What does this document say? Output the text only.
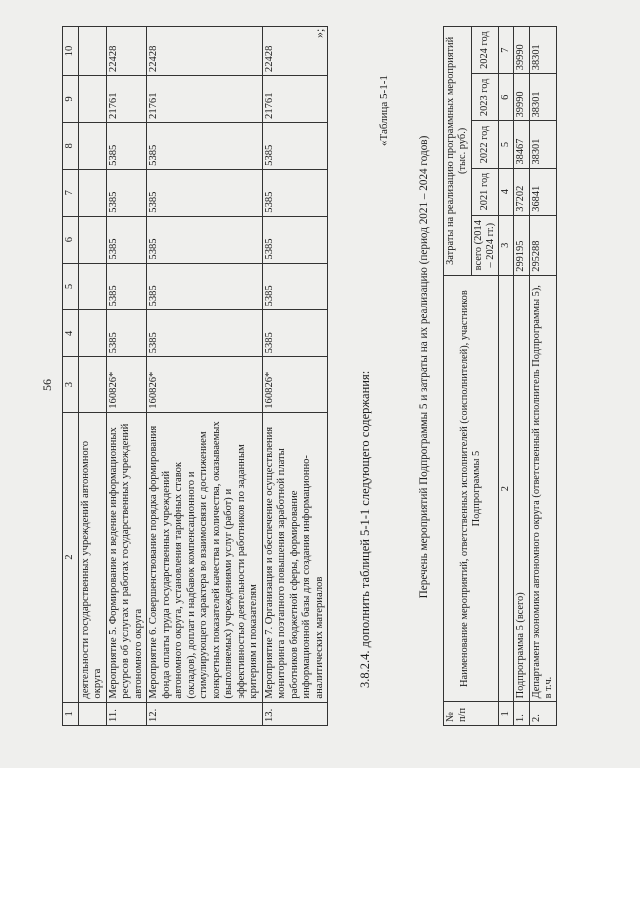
56
1	2	3	4	5	6	7	8	9	10
	деятельности государственных учреждений автономного округа								
11.	Мероприятие 5. Формирование и ведение информационных ресурсов об услугах и работах государственных учреждений автономного округа	160826*	5385	5385	5385	5385	5385	21761	22428
12.	Мероприятие 6. Совершенствование порядка формирования фонда оплаты труда государственных учреждений автономного округа, установления тарифных ставок (окладов), доплат и надбавок компенсационного и стимулирующего характера во взаимосвязи с достижением конкретных показателей качества и количества, оказываемых (выполняемых) учреждениями услуг (работ) и эффективностью деятельности работников по заданным критериям и показателям	160826*	5385	5385	5385	5385	5385	21761	22428
13.	Мероприятие 7. Организация и обеспечение осуществления мониторинга поэтапного повышения заработной платы работников бюджетной сферы, формирование информационной базы для создания информационно-аналитических материалов	160826*	5385	5385	5385	5385	5385	21761	22428
»;
3.8.2.4. дополнить таблицей 5-1-1 следующего содержания:
«Таблица 5-1-1
Перечень мероприятий Подпрограммы 5 и затраты на их реализацию (период 2021 – 2024 годов)
№ п/п	Наименование мероприятий, ответственных исполнителей (соисполнителей), участников Подпрограммы 5	Затраты на реализацию программных мероприятий (тыс. руб.)				
		всего (2014 – 2024 гг.)	2021 год	2022 год	2023 год	2024 год
1	2	3	4	5	6	7
1.	Подпрограмма 5 (всего)	299195	37202	38467	39990	39990
2.	Департамент экономики автономного округа (ответственный исполнитель Подпрограммы 5), в т.ч.	295288	36841	38301	38301	38301
